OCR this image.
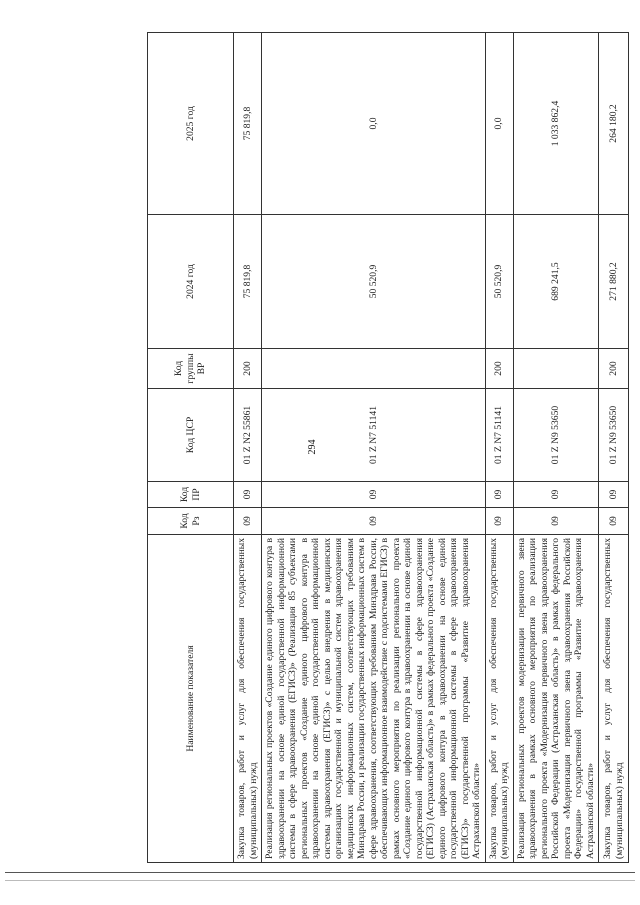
294
Наименование показателя	Код Рз	Код ПР	Код ЦСР	Код группы ВР	2024 год	2025 год
Закупка товаров, работ и услуг для обеспечения государственных (муниципальных) нужд	09	09	01 Z N2 55861	200	75 819,8	75 819,8
Реализация региональных проектов «Создание единого цифрового контура в здравоохранении на основе единой государственной информационной системы в сфере здравоохранения (ЕГИСЗ)» (Реализация 85 субъектами региональных проектов «Создание единого цифрового контура в здравоохранении на основе единой государственной информационной системы здравоохранения (ЕГИСЗ)» с целью внедрения в медицинских организациях государственной и муниципальной систем здравоохранения медицинских информационных систем, соответствующих требованиям Минздрава России, и реализации государственных информационных систем в сфере здравоохранения, соответствующих требованиям Минздрава России, обеспечивающих информационное взаимодействие с подсистемами ЕГИСЗ) в рамках основного мероприятия по реализации регионального проекта «Создание единого цифрового контура в здравоохранении на основе единой государственной информационной системы в сфере здравоохранения (ЕГИСЗ) (Астраханская область)» в рамках федерального проекта «Создание единого цифрового контура в здравоохранении на основе единой государственной информационной системы в сфере здравоохранения (ЕГИСЗ)» государственной программы «Развитие здравоохранения Астраханской области»	09	09	01 Z N7 51141		50 520,9	0,0
Закупка товаров, работ и услуг для обеспечения государственных (муниципальных) нужд	09	09	01 Z N7 51141	200	50 520,9	0,0
Реализация региональных проектов модернизации первичного звена здравоохранения в рамках основного мероприятия по реализации регионального проекта «Модернизация первичного звена здравоохранения Российской Федерации (Астраханская область)» в рамках федерального проекта «Модернизация первичного звена здравоохранения Российской Федерации» государственной программы «Развитие здравоохранения Астраханской области»	09	09	01 Z N9 53650		689 241,5	1 033 862,4
Закупка товаров, работ и услуг для обеспечения государственных (муниципальных) нужд	09	09	01 Z N9 53650	200	271 880,2	264 180,2
